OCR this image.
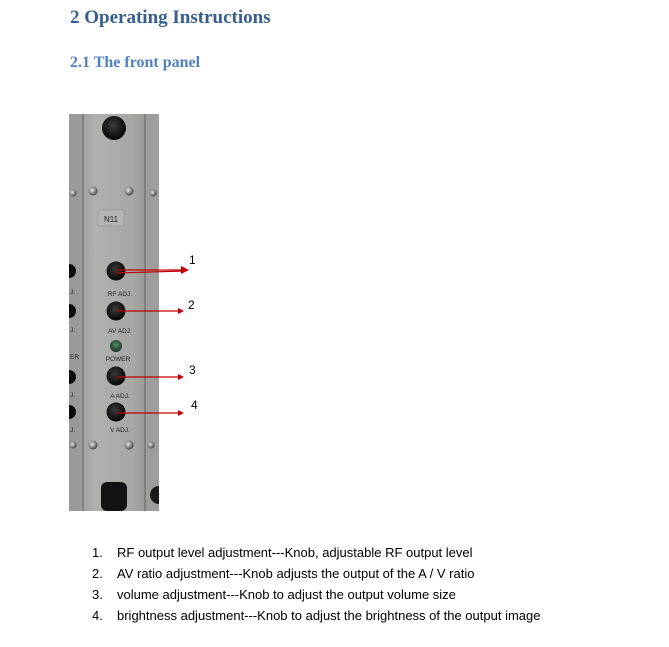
2 Operating Instructions
2.1 The front panel
N11
RF ADJ.
AV ADJ.
POWER
A ADJ.
V ADJ.
J.
J.
ER
J.
J.
1
2
3
4
1. RF output level adjustment---Knob, adjustable RF output level
2. AV ratio adjustment---Knob adjusts the output of the A / V ratio
3. volume adjustment---Knob to adjust the output volume size
4. brightness adjustment---Knob to adjust the brightness of the output image
